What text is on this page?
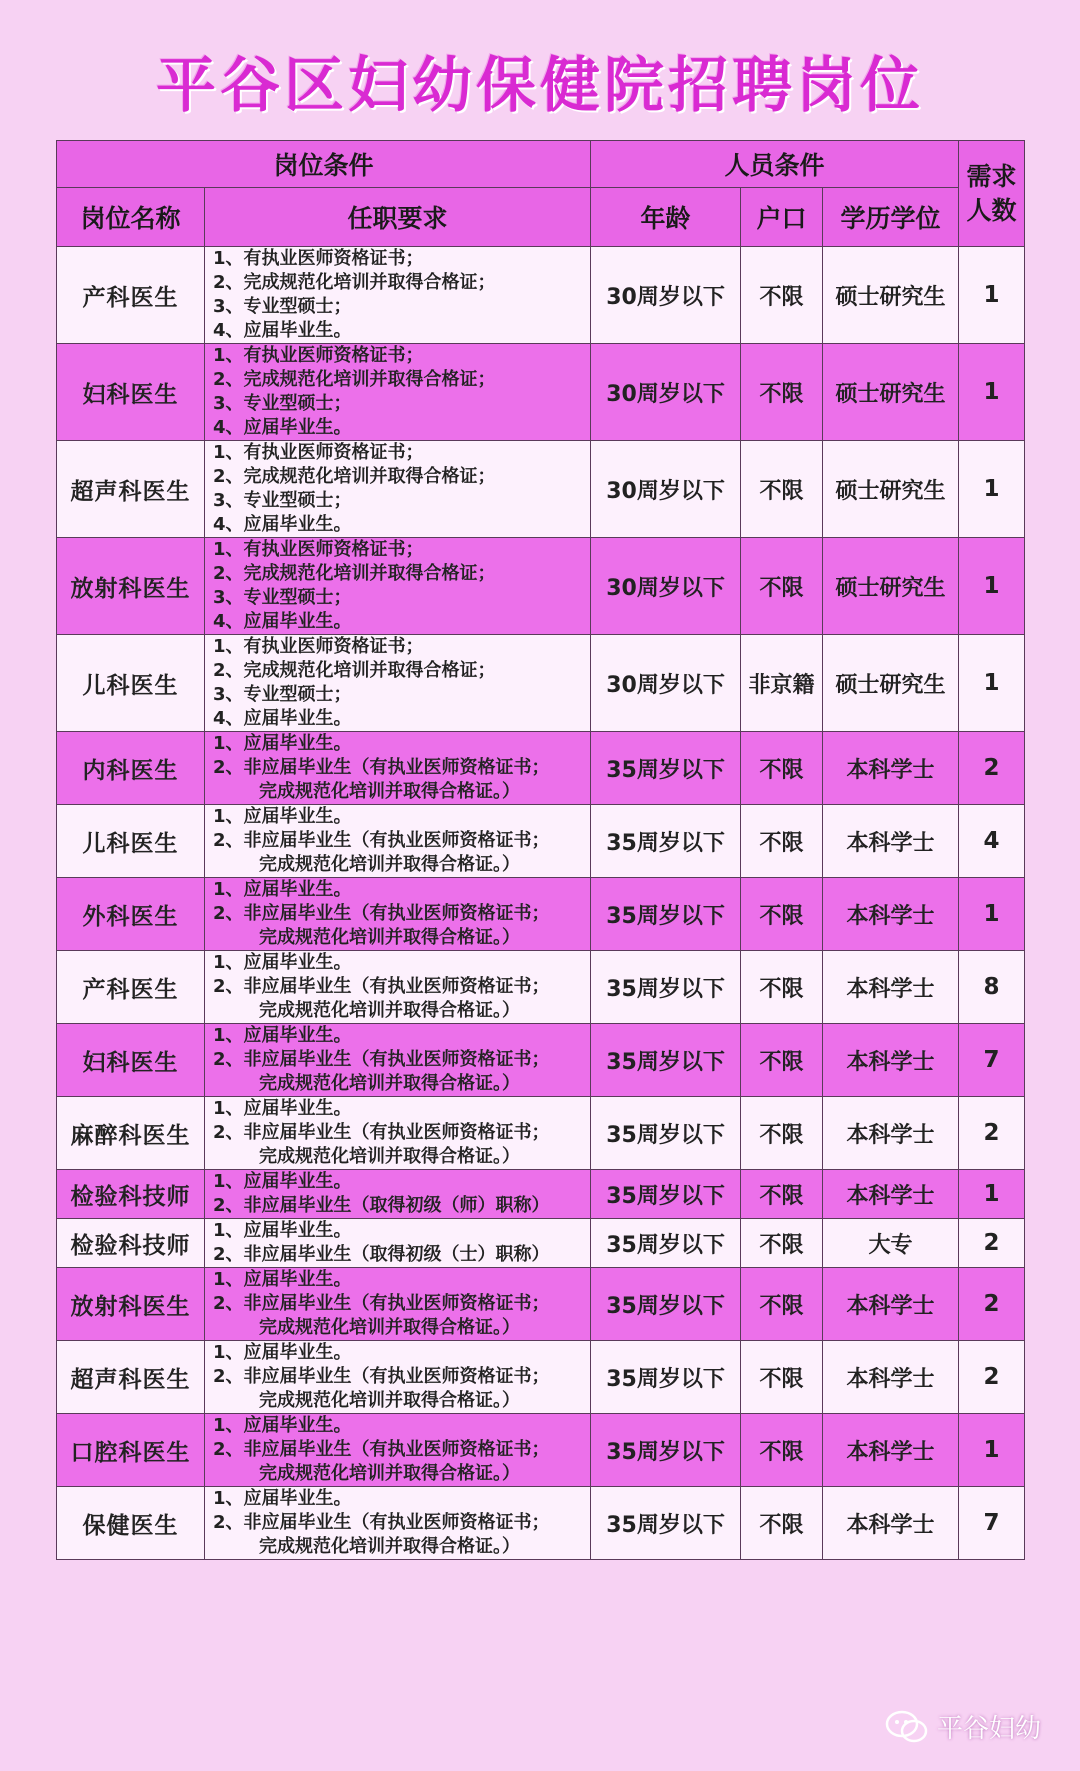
平谷区妇幼保健院招聘岗位
岗位条件		人员条件			需求人数
岗位名称	任职要求	年龄	户口	学历学位	
产科医生	1、有执业医师资格证书；
2、完成规范化培训并取得合格证；
3、专业型硕士；
4、应届毕业生。	30周岁以下	不限	硕士研究生	1
妇科医生	1、有执业医师资格证书；
2、完成规范化培训并取得合格证；
3、专业型硕士；
4、应届毕业生。	30周岁以下	不限	硕士研究生	1
超声科医生	1、有执业医师资格证书；
2、完成规范化培训并取得合格证；
3、专业型硕士；
4、应届毕业生。	30周岁以下	不限	硕士研究生	1
放射科医生	1、有执业医师资格证书；
2、完成规范化培训并取得合格证；
3、专业型硕士；
4、应届毕业生。	30周岁以下	不限	硕士研究生	1
儿科医生	1、有执业医师资格证书；
2、完成规范化培训并取得合格证；
3、专业型硕士；
4、应届毕业生。	30周岁以下	非京籍	硕士研究生	1
内科医生	1、应届毕业生。
2、非应届毕业生（有执业医师资格证书；
完成规范化培训并取得合格证。）	35周岁以下	不限	本科学士	2
儿科医生	1、应届毕业生。
2、非应届毕业生（有执业医师资格证书；
完成规范化培训并取得合格证。）	35周岁以下	不限	本科学士	4
外科医生	1、应届毕业生。
2、非应届毕业生（有执业医师资格证书；
完成规范化培训并取得合格证。）	35周岁以下	不限	本科学士	1
产科医生	1、应届毕业生。
2、非应届毕业生（有执业医师资格证书；
完成规范化培训并取得合格证。）	35周岁以下	不限	本科学士	8
妇科医生	1、应届毕业生。
2、非应届毕业生（有执业医师资格证书；
完成规范化培训并取得合格证。）	35周岁以下	不限	本科学士	7
麻醉科医生	1、应届毕业生。
2、非应届毕业生（有执业医师资格证书；
完成规范化培训并取得合格证。）	35周岁以下	不限	本科学士	2
检验科技师	1、应届毕业生。
2、非应届毕业生（取得初级（师）职称）	35周岁以下	不限	本科学士	1
检验科技师	1、应届毕业生。
2、非应届毕业生（取得初级（士）职称）	35周岁以下	不限	大专	2
放射科医生	1、应届毕业生。
2、非应届毕业生（有执业医师资格证书；
完成规范化培训并取得合格证。）	35周岁以下	不限	本科学士	2
超声科医生	1、应届毕业生。
2、非应届毕业生（有执业医师资格证书；
完成规范化培训并取得合格证。）	35周岁以下	不限	本科学士	2
口腔科医生	1、应届毕业生。
2、非应届毕业生（有执业医师资格证书；
完成规范化培训并取得合格证。）	35周岁以下	不限	本科学士	1
保健医生	1、应届毕业生。
2、非应届毕业生（有执业医师资格证书；
完成规范化培训并取得合格证。）	35周岁以下	不限	本科学士	7
平谷妇幼
